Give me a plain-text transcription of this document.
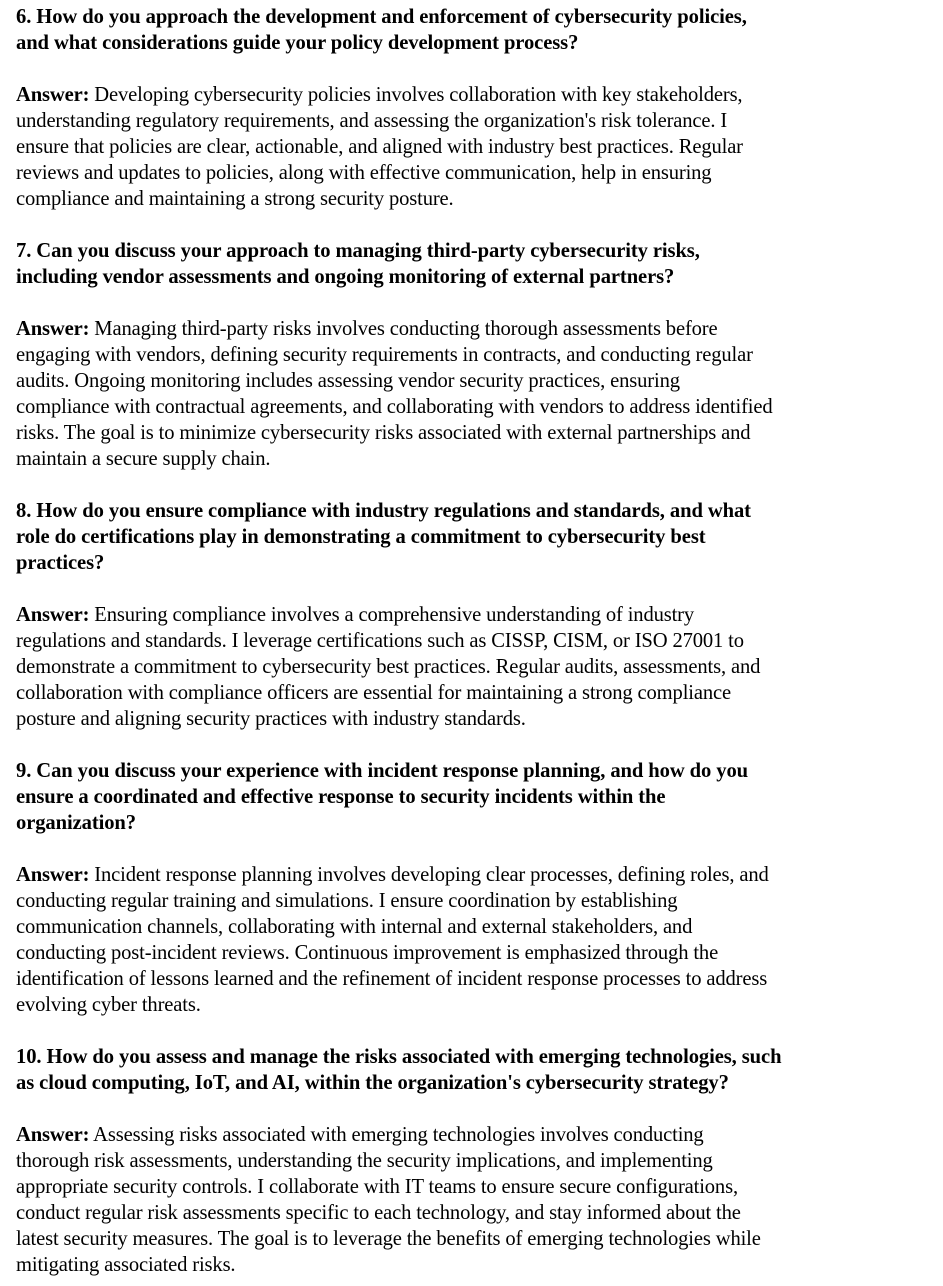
6. How do you approach the development and enforcement of cybersecurity policies,
and what considerations guide your policy development process?

Answer: Developing cybersecurity policies involves collaboration with key stakeholders,
understanding regulatory requirements, and assessing the organization's risk tolerance. I
ensure that policies are clear, actionable, and aligned with industry best practices. Regular
reviews and updates to policies, along with effective communication, help in ensuring
compliance and maintaining a strong security posture.

7. Can you discuss your approach to managing third-party cybersecurity risks,
including vendor assessments and ongoing monitoring of external partners?

Answer: Managing third-party risks involves conducting thorough assessments before
engaging with vendors, defining security requirements in contracts, and conducting regular
audits. Ongoing monitoring includes assessing vendor security practices, ensuring
compliance with contractual agreements, and collaborating with vendors to address identified
risks. The goal is to minimize cybersecurity risks associated with external partnerships and
maintain a secure supply chain.

8. How do you ensure compliance with industry regulations and standards, and what
role do certifications play in demonstrating a commitment to cybersecurity best
practices?

Answer: Ensuring compliance involves a comprehensive understanding of industry
regulations and standards. I leverage certifications such as CISSP, CISM, or ISO 27001 to
demonstrate a commitment to cybersecurity best practices. Regular audits, assessments, and
collaboration with compliance officers are essential for maintaining a strong compliance
posture and aligning security practices with industry standards.

9. Can you discuss your experience with incident response planning, and how do you
ensure a coordinated and effective response to security incidents within the
organization?

Answer: Incident response planning involves developing clear processes, defining roles, and
conducting regular training and simulations. I ensure coordination by establishing
communication channels, collaborating with internal and external stakeholders, and
conducting post-incident reviews. Continuous improvement is emphasized through the
identification of lessons learned and the refinement of incident response processes to address
evolving cyber threats.

10. How do you assess and manage the risks associated with emerging technologies, such
as cloud computing, IoT, and AI, within the organization's cybersecurity strategy?

Answer: Assessing risks associated with emerging technologies involves conducting
thorough risk assessments, understanding the security implications, and implementing
appropriate security controls. I collaborate with IT teams to ensure secure configurations,
conduct regular risk assessments specific to each technology, and stay informed about the
latest security measures. The goal is to leverage the benefits of emerging technologies while
mitigating associated risks.
